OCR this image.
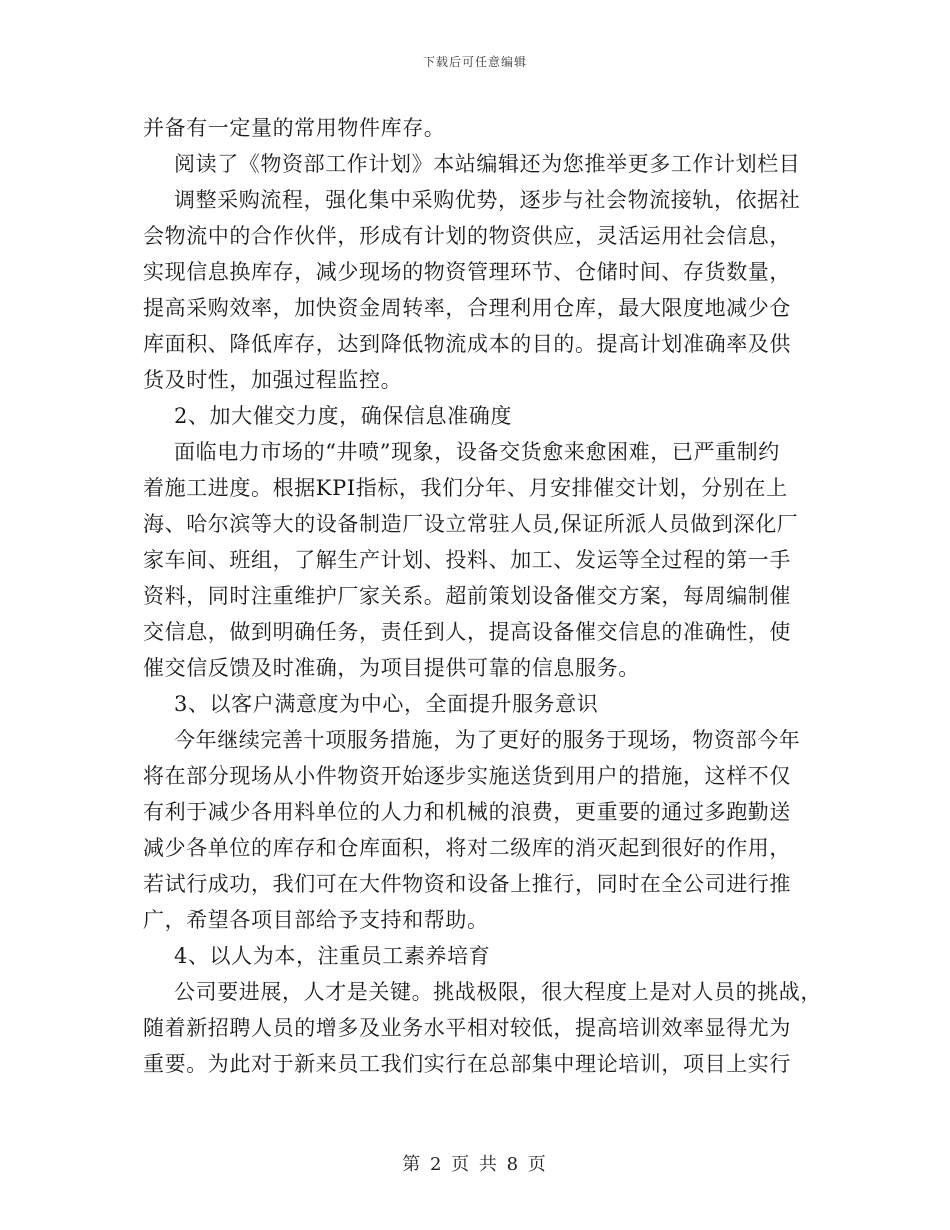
下载后可任意编辑
并备有一定量的常用物件库存。
阅读了《物资部工作计划》本站编辑还为您推举更多工作计划栏目
调整采购流程，强化集中采购优势，逐步与社会物流接轨，依据社
会物流中的合作伙伴，形成有计划的物资供应，灵活运用社会信息，
实现信息换库存，减少现场的物资管理环节、仓储时间、存货数量，
提高采购效率，加快资金周转率，合理利用仓库，最大限度地减少仓
库面积、降低库存，达到降低物流成本的目的。提高计划准确率及供
货及时性，加强过程监控。
2、加大催交力度，确保信息准确度
面临电力市场的“井喷”现象，设备交货愈来愈困难，已严重制约
着施工进度。根据KPI指标，我们分年、月安排催交计划，分别在上
海、哈尔滨等大的设备制造厂设立常驻人员,保证所派人员做到深化厂
家车间、班组，了解生产计划、投料、加工、发运等全过程的第一手
资料，同时注重维护厂家关系。超前策划设备催交方案，每周编制催
交信息，做到明确任务，责任到人，提高设备催交信息的准确性，使
催交信反馈及时准确，为项目提供可靠的信息服务。
3、以客户满意度为中心，全面提升服务意识
今年继续完善十项服务措施，为了更好的服务于现场，物资部今年
将在部分现场从小件物资开始逐步实施送货到用户的措施，这样不仅
有利于减少各用料单位的人力和机械的浪费，更重要的通过多跑勤送
减少各单位的库存和仓库面积，将对二级库的消灭起到很好的作用，
若试行成功，我们可在大件物资和设备上推行，同时在全公司进行推
广，希望各项目部给予支持和帮助。
4、以人为本，注重员工素养培育
公司要进展，人才是关键。挑战极限，很大程度上是对人员的挑战，
随着新招聘人员的增多及业务水平相对较低，提高培训效率显得尤为
重要。为此对于新来员工我们实行在总部集中理论培训，项目上实行
第 2 页 共 8 页
